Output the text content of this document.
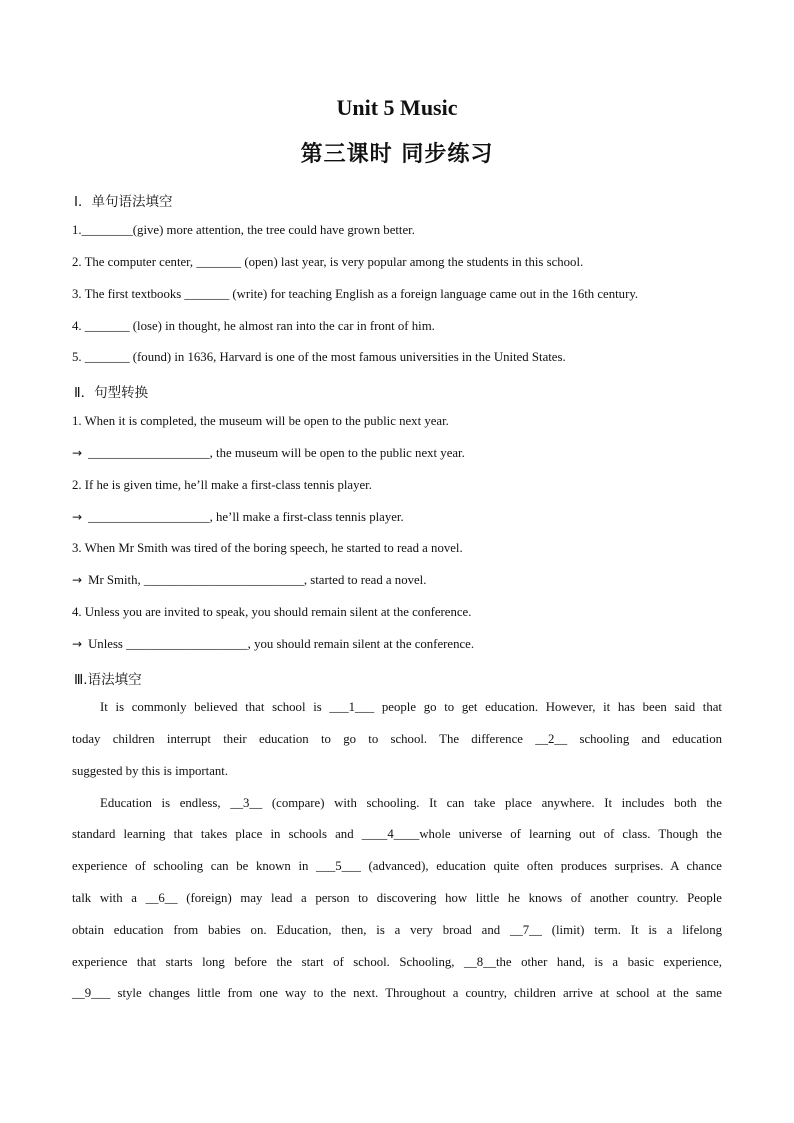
Unit 5 Music
第三课时 同步练习
Ⅰ．单句语法填空
1.________(give) more attention, the tree could have grown better.
2. The computer center, _______ (open) last year, is very popular among the students in this school.
3. The first textbooks _______ (write) for teaching English as a foreign language came out in the 16th century.
4. _______ (lose) in thought, he almost ran into the car in front of him.
5. _______ (found) in 1636, Harvard is one of the most famous universities in the United States.
Ⅱ．句型转换
1. When it is completed, the museum will be open to the public next year.
→ ___________________, the museum will be open to the public next year.
2. If he is given time, he’ll make a first-class tennis player.
→ ___________________, he’ll make a first-class tennis player.
3. When Mr Smith was tired of the boring speech, he started to read a novel.
→ Mr Smith, _________________________, started to read a novel.
4. Unless you are invited to speak, you should remain silent at the conference.
→ Unless ___________________, you should remain silent at the conference.
Ⅲ.语法填空
It is commonly believed that school is ___1___ people go to get education. However, it has been said that
today children interrupt their education to go to school. The difference __2__ schooling and education
suggested by this is important.
Education is endless, __3__ (compare) with schooling. It can take place anywhere. It includes both the
standard learning that takes place in schools and ____4____whole universe of learning out of class. Though the
experience of schooling can be known in ___5___ (advanced), education quite often produces surprises. A chance
talk with a __6__ (foreign) may lead a person to discovering how little he knows of another country. People
obtain education from babies on. Education, then, is a very broad and __7__ (limit) term. It is a lifelong
experience that starts long before the start of school. Schooling, __8__the other hand, is a basic experience,
__9___ style changes little from one way to the next. Throughout a country, children arrive at school at the same
